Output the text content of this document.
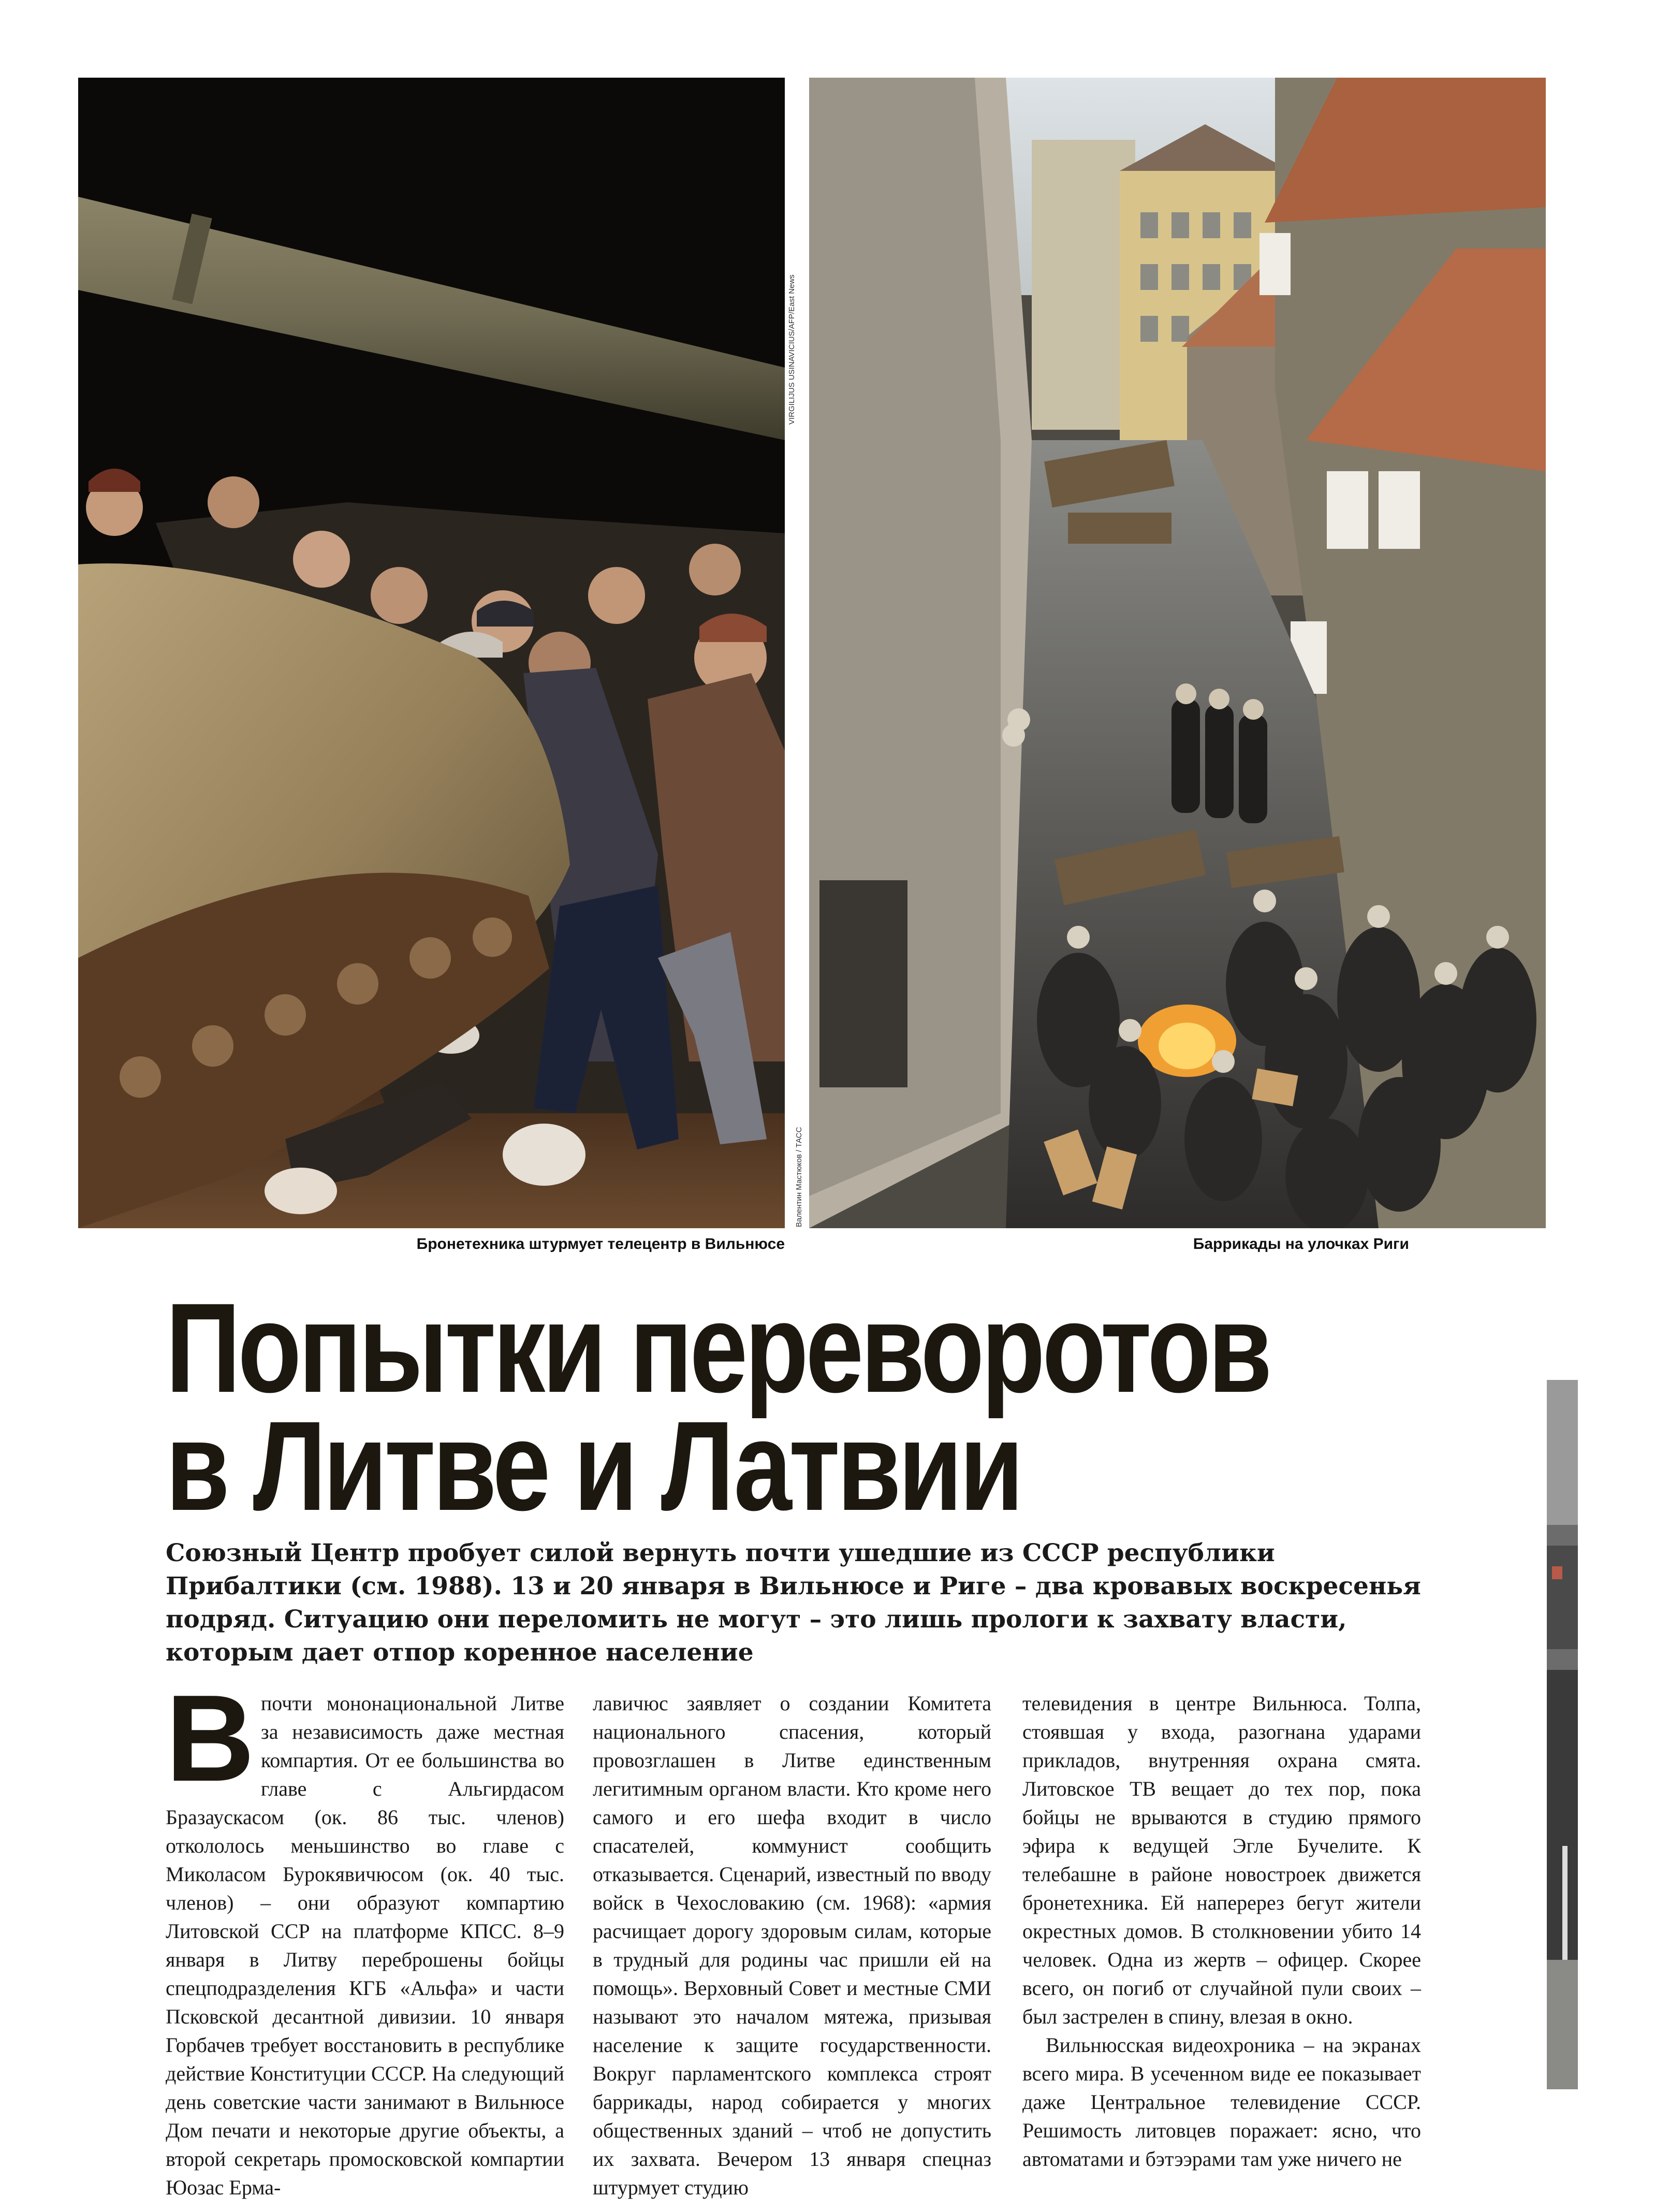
VIRGILIJUS USINAVICIUS/AFP/East News
Валентин Мастюков / ТАСС
Бронетехника штурмует телецентр в Вильнюсе	Баррикады на улочках Риги
Попытки переворотов
в Литве и Латвии

Союзный Центр пробует силой вернуть почти ушедшие из СССР республики Прибалтики (см. 1988). 13 и 20 января в Вильнюсе и Риге – два кровавых воскресенья подряд. Ситуацию они переломить не могут – это лишь прологи к захвату власти, которым дает отпор коренное население

Впочти мононациональной Литве за независимость даже местная компартия. От ее большинства во главе с Альгирдасом Бразаускасом (ок. 86 тыс. членов) откололось меньшинство во главе с Миколасом Бурокявичюсом (ок. 40 тыс. членов) – они образуют компартию Литовской ССР на платформе КПСС. 8–9 января в Литву переброшены бойцы спецподразделения КГБ «Альфа» и части Псковской десантной дивизии. 10 января Горбачев требует восстановить в республике действие Конституции СССР. На следующий день советские части занимают в Вильнюсе Дом печати и некоторые другие объекты, а второй секретарь промосковской компартии Юозас Ерма-

лавичюс заявляет о создании Комитета национального спасения, который провозглашен в Литве единственным легитимным органом власти. Кто кроме него самого и его шефа входит в число спасателей, коммунист сообщить отказывается. Сценарий, известный по вводу войск в Чехословакию (см. 1968): «армия расчищает дорогу здоровым силам, которые в трудный для родины час пришли ей на помощь». Верховный Совет и местные СМИ называют это началом мятежа, призывая население к защите государственности. Вокруг парламентского комплекса строят баррикады, народ собирается у многих общественных зданий – чтоб не допустить их захвата. Вечером 13 января спецназ штурмует студию

телевидения в центре Вильнюса. Толпа, стоявшая у входа, разогнана ударами прикладов, внутренняя охрана смята. Литовское ТВ вещает до тех пор, пока бойцы не врываются в студию прямого эфира к ведущей Эгле Бучелите. К телебашне в районе новостроек движется бронетехника. Ей наперерез бегут жители окрестных домов. В столкновении убито 14 человек. Одна из жертв – офицер. Скорее всего, он погиб от случайной пули своих – был застрелен в спину, влезая в окно.

Вильнюсская видеохроника – на экранах всего мира. В усеченном виде ее показывает даже Центральное телевидение СССР. Решимость литовцев поражает: ясно, что автоматами и бэтээрами там уже ничего не
